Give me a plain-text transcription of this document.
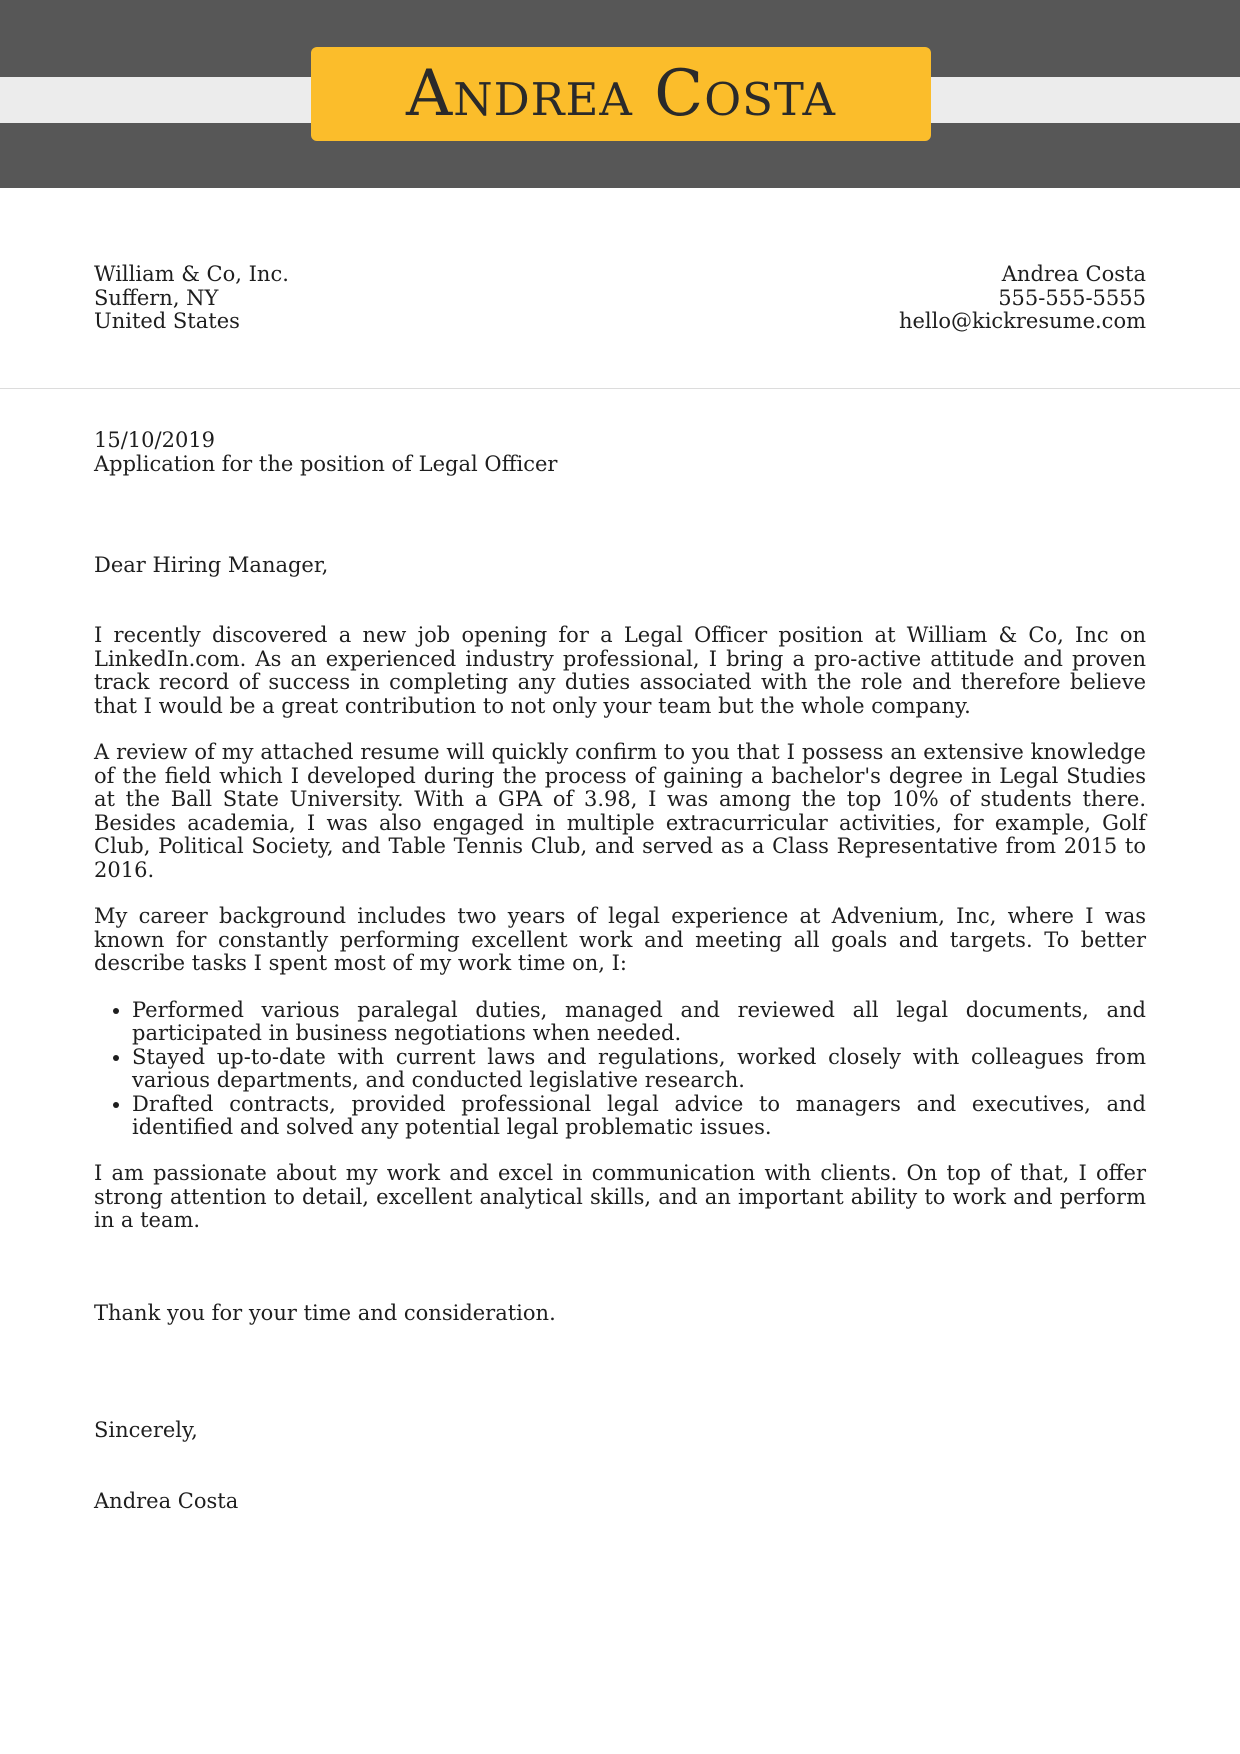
Andrea Costa
William & Co, Inc.
Suffern, NY
United States
Andrea Costa
555-555-5555
hello@kickresume.com
15/10/2019
Application for the position of Legal Officer
Dear Hiring Manager,

I recently discovered a new job opening for a Legal Officer position at William & Co, Inc on LinkedIn.com. As an experienced industry professional, I bring a pro-active attitude and proven track record of success in completing any duties associated with the role and therefore believe that I would be a great contribution to not only your team but the whole company.

A review of my attached resume will quickly confirm to you that I possess an extensive knowledge of the field which I developed during the process of gaining a bachelor's degree in Legal Studies at the Ball State University. With a GPA of 3.98, I was among the top 10% of students there. Besides academia, I was also engaged in multiple extracurricular activities, for example, Golf Club, Political Society, and Table Tennis Club, and served as a Class Representative from 2015 to 2016.

My career background includes two years of legal experience at Advenium, Inc, where I was known for constantly performing excellent work and meeting all goals and targets. To better describe tasks I spent most of my work time on, I:

• Performed various paralegal duties, managed and reviewed all legal documents, and participated in business negotiations when needed.
• Stayed up-to-date with current laws and regulations, worked closely with colleagues from various departments, and conducted legislative research.
• Drafted contracts, provided professional legal advice to managers and executives, and identified and solved any potential legal problematic issues.
I am passionate about my work and excel in communication with clients. On top of that, I offer strong attention to detail, excellent analytical skills, and an important ability to work and perform in a team.
Thank you for your time and consideration.
Sincerely,
Andrea Costa
